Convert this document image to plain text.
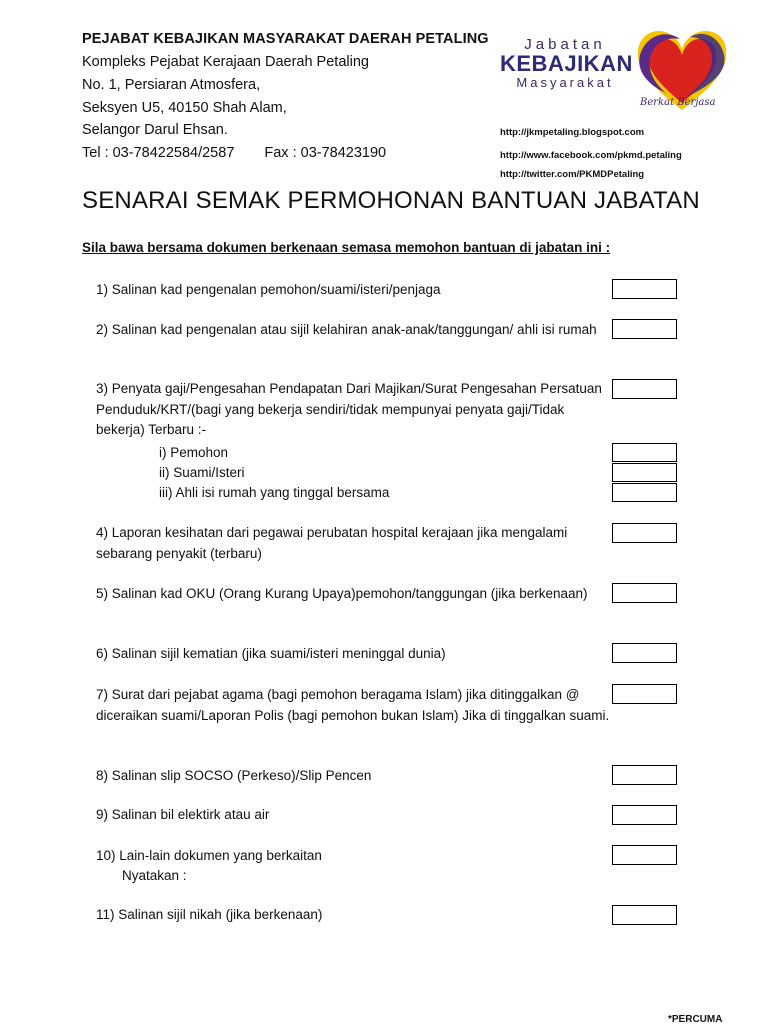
PEJABAT KEBAJIKAN MASYARAKAT DAERAH PETALING
Kompleks Pejabat Kerajaan Daerah Petaling
No. 1, Persiaran Atmosfera,
Seksyen U5, 40150 Shah Alam,
Selangor Darul Ehsan.
Tel : 03-78422584/2587 Fax : 03-78423190
Jabatan
KEBAJIKAN
Masyarakat
Berkat Berjasa
http://jkmpetaling.blogspot.com
http://www.facebook.com/pkmd.petaling
http://twitter.com/PKMDPetaling
SENARAI SEMAK PERMOHONAN BANTUAN JABATAN
Sila bawa bersama dokumen berkenaan semasa memohon bantuan di jabatan ini :
1) Salinan kad pengenalan pemohon/suami/isteri/penjaga
2) Salinan kad pengenalan atau sijil kelahiran anak-anak/tanggungan/ ahli isi rumah
3) Penyata gaji/Pengesahan Pendapatan Dari Majikan/Surat Pengesahan Persatuan Penduduk/KRT/(bagi yang bekerja sendiri/tidak mempunyai penyata gaji/Tidak bekerja) Terbaru :-
i) Pemohon
ii) Suami/Isteri
iii) Ahli isi rumah yang tinggal bersama
4) Laporan kesihatan dari pegawai perubatan hospital kerajaan jika mengalami sebarang penyakit (terbaru)
5) Salinan kad OKU (Orang Kurang Upaya)pemohon/tanggungan (jika berkenaan)
6) Salinan sijil kematian (jika suami/isteri meninggal dunia)
7) Surat dari pejabat agama (bagi pemohon beragama Islam) jika ditinggalkan @ diceraikan suami/Laporan Polis (bagi pemohon bukan Islam) Jika di tinggalkan suami.
8) Salinan slip SOCSO (Perkeso)/Slip Pencen
9) Salinan bil elektirk atau air
10) Lain-lain dokumen yang berkaitan
Nyatakan :
11) Salinan sijil nikah (jika berkenaan)
*PERCUMA
